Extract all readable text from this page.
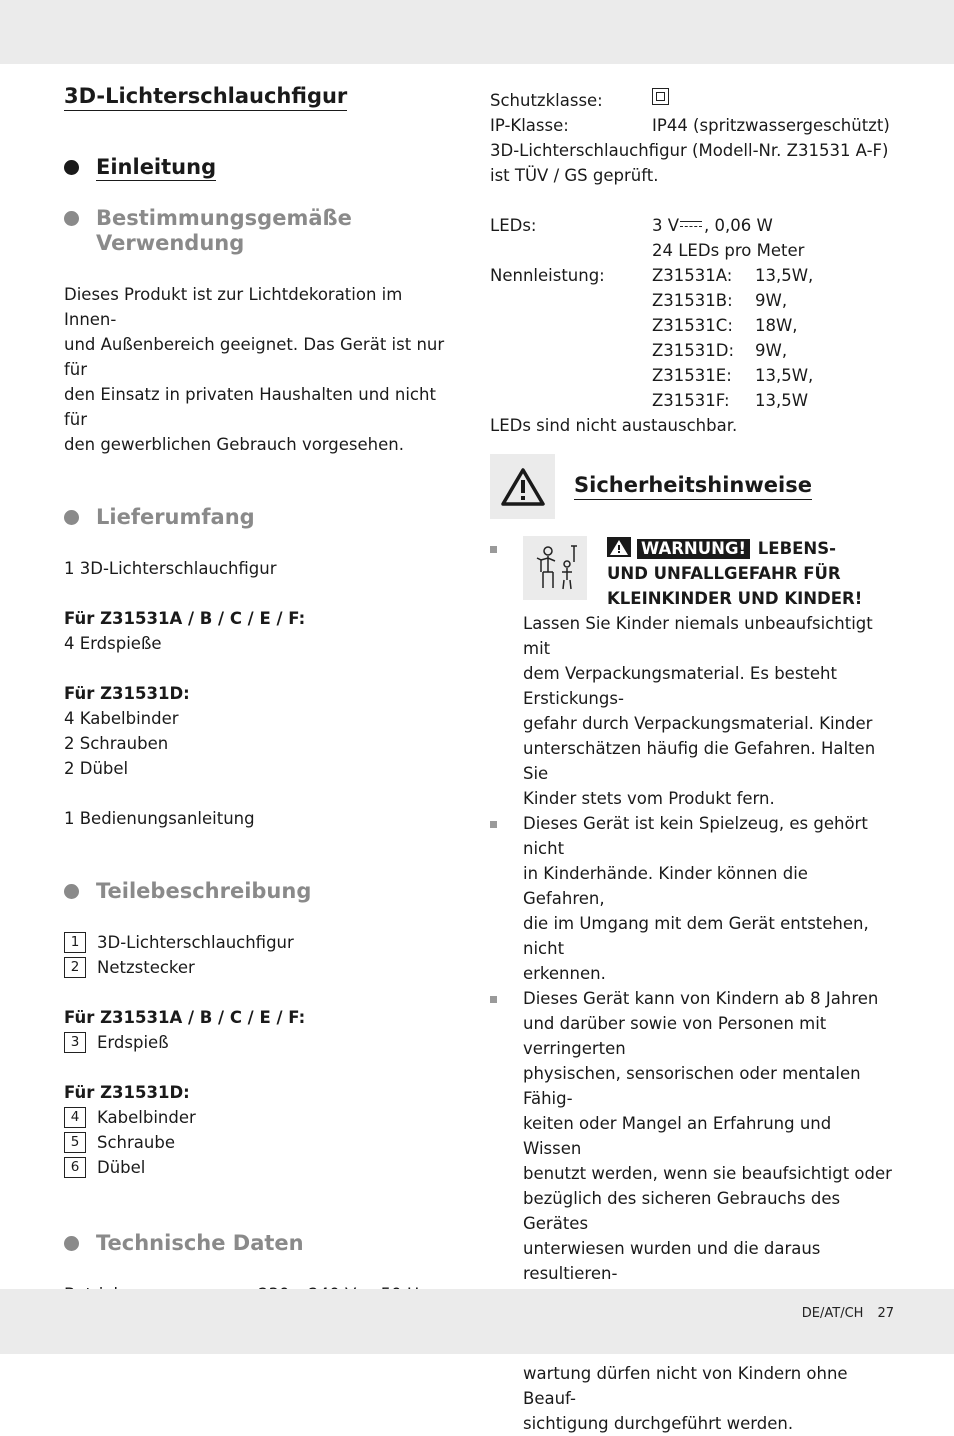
3D-Lichterschlauchfigur
Einleitung
Bestimmungsgemäße
Verwendung

Dieses Produkt ist zur Lichtdekoration im Innen-

und Außenbereich geeignet. Das Gerät ist nur für

den Einsatz in privaten Haushalten und nicht für

den gewerblichen Gebrauch vorgesehen.

Lieferumfang

1 3D-Lichterschlauchfigur

Für Z31531A / B / C / E / F:

4 Erdspieße

Für Z31531D:

4 Kabelbinder

2 Schrauben

2 Dübel

1 Bedienungsanleitung

Teilebeschreibung
1	3D-Lichterschlauchfigur
2	Netzstecker

Für Z31531A / B / C / E / F:

3	Erdspieß

Für Z31531D:

4	Kabelbinder
5	Schraube
6	Dübel
Technische Daten
Schutzklasse:
IP-Klasse:	IP44 (spritzwassergeschützt)

3D-Lichterschlauchfigur (Modell-Nr. Z31531 A-F)

ist TÜV / GS geprüft.

LEDs:	3 V , 0,06 W
24 LEDs pro Meter
Nennleistung:	Z31531A:	13,5W,
Z31531B:	9W,
Z31531C:	18W,
Z31531D:	9W,
Z31531E:	13,5W,
Z31531F:	13,5W

LEDs sind nicht austauschbar.

Sicherheitshinweise
WARNUNG! LEBENS-
UND UNFALLGEFAHR FÜR
KLEINKINDER UND KINDER!
Lassen Sie Kinder niemals unbeaufsichtigt mit
dem Verpackungsmaterial. Es besteht Erstickungs-
gefahr durch Verpackungsmaterial. Kinder
unterschätzen häufig die Gefahren. Halten Sie
Kinder stets vom Produkt fern.
Dieses Gerät ist kein Spielzeug, es gehört nicht
in Kinderhände. Kinder können die Gefahren,
die im Umgang mit dem Gerät entstehen, nicht
erkennen.
Dieses Gerät kann von Kindern ab 8 Jahren
und darüber sowie von Personen mit verringerten
physischen, sensorischen oder mentalen Fähig-
keiten oder Mangel an Erfahrung und Wissen
benutzt werden, wenn sie beaufsichtigt oder
bezüglich des sicheren Gebrauchs des Gerätes
unterwiesen wurden und die daraus resultieren-
wartung dürfen nicht von Kindern ohne Beauf-
sichtigung durchgeführt werden.
DE/AT/CH 27
